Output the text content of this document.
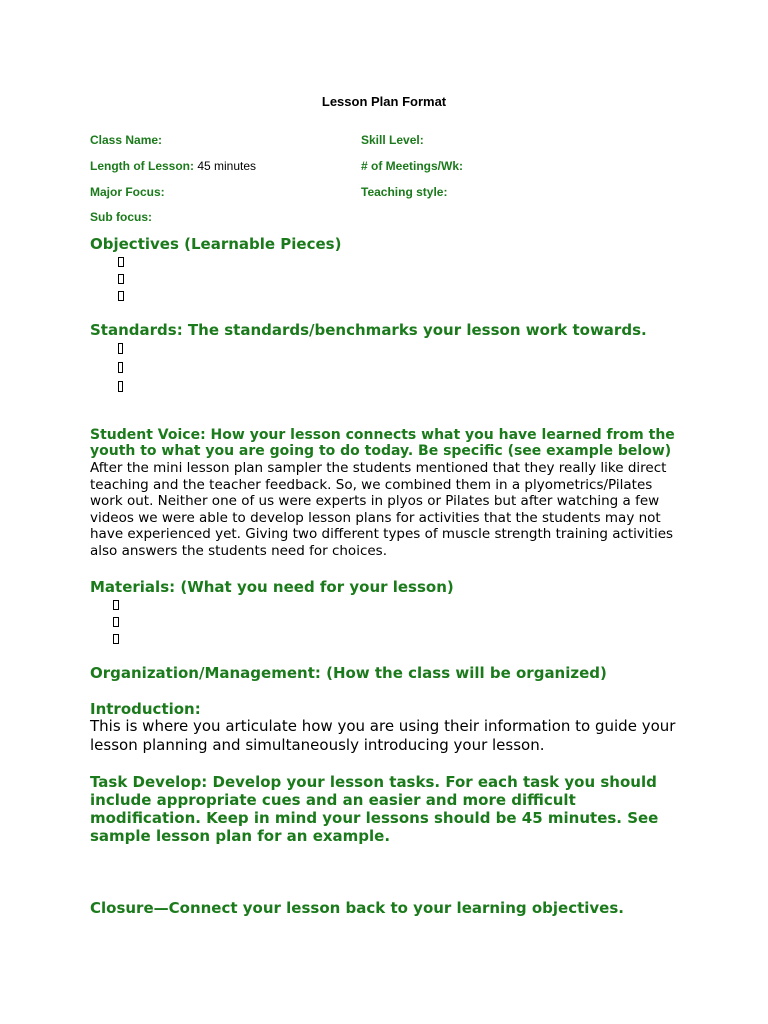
Lesson Plan Format
Class Name:	Skill Level:
Length of Lesson: 45 minutes	# of Meetings/Wk:
Major Focus:	Teaching style:
Sub focus:
Objectives (Learnable Pieces)
Standards: The standards/benchmarks your lesson work towards.
Student Voice: How your lesson connects what you have learned from the youth to what you are going to do today. Be specific (see example below)

After the mini lesson plan sampler the students mentioned that they really like direct teaching and the teacher feedback. So, we combined them in a plyometrics/Pilates work out. Neither one of us were experts in plyos or Pilates but after watching a few videos we were able to develop lesson plans for activities that the students may not have experienced yet. Giving two different types of muscle strength training activities also answers the students need for choices.

Materials: (What you need for your lesson)
Organization/Management: (How the class will be organized)
Introduction:

This is where you articulate how you are using their information to guide your lesson planning and simultaneously introducing your lesson.

Task Develop: Develop your lesson tasks. For each task you should include appropriate cues and an easier and more difficult modification. Keep in mind your lessons should be 45 minutes. See sample lesson plan for an example.
Closure—Connect your lesson back to your learning objectives.
